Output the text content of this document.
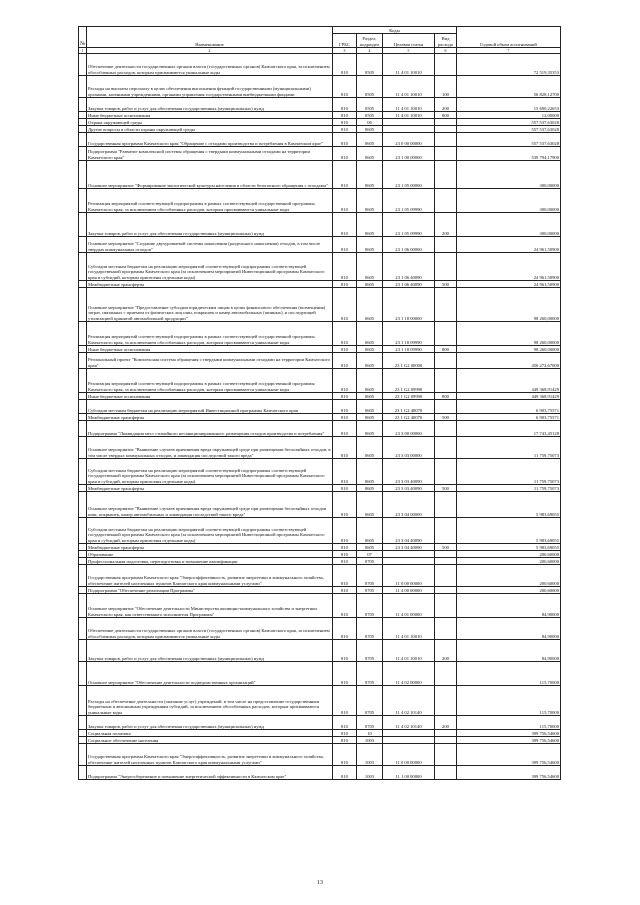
№	Наименование	Коды				Годовой объем ассигнований
		ГРБС	Раздел, подраздел	Целевая статья	Вид расхода	
1	2	3	4	5	6	7
	Обеспечение деятельности государственных органов власти (государственных органов) Камчатского края, за исключением обособленных расходов, которым присваиваются уникальные коды	810	0505	11 4 01 10010		72 519,35353
	Расходы на выплаты персоналу в целях обеспечения выполнения функций государственными (муниципальными) органами, казенными учреждениями, органами управления государственными внебюджетными фондами	810	0505	11 4 01 10010	100	56 828,12700
	Закупка товаров, работ и услуг для обеспечения государственных (муниципальных) нужд	810	0505	11 4 01 10010	200	15 690,22653
	Иные бюджетные ассигнования	810	0505	11 4 01 10010	800	12,00000
	Охрана окружающей среды	810	06			557 537,63028
	Другие вопросы в области охраны окружающей среды	810	0605			557 537,63028
	Государственная программа Камчатского края "Обращение с отходами производства и потребления в Камчатском крае"	810	0605	23 0 00 00000		557 537,63028
	Подпрограмма "Развитие комплексной системы обращения с твердыми коммунальными отходами на территории Камчатского края"	810	0605	23 1 00 00000		539 794,17900
	Основное мероприятие "Формирование экологической культуры населения в области безопасного обращения с отходами"	810	0605	23 1 05 00000		300,00000
	Реализация мероприятий соответствующей подпрограммы в рамках соответствующей государственной программы Камчатского края, за исключением обособленных расходов, которым присваиваются уникальные коды	810	0605	23 1 05 09990		300,00000
	Закупка товаров, работ и услуг для обеспечения государственных (муниципальных) нужд	810	0605	23 1 05 09990	200	300,00000
	Основное мероприятие "Создание двухуровневой системы накопления (раздельного накопления) отходов, в том числе твердых коммунальных отходов"	810	0605	23 1 06 00000		24 961,50900
	Субсидии местным бюджетам на реализацию мероприятий соответствующей подпрограммы соответствующей государственной программы Камчатского края (за исключением мероприятий Инвестиционной программы Камчатского края и субсидий, которым присвоены отдельные коды)	810	0605	23 1 06 40090		24 961,50900
	Межбюджетные трансферты	810	0605	23 1 06 40090	500	24 961,50900
	Основное мероприятие "Предоставление субсидии юридическим лицам в целях финансового обеспечения (возмещения) затрат, связанных с приемом от физических лиц шин, покрышек и камер автомобильных (шинных), и последующей утилизацией принятой автомобильной продукции"	810	0605	23 1 18 00000		98 260,00000
	Реализация мероприятий соответствующей подпрограммы в рамках соответствующей государственной программы Камчатского края, за исключением обособленных расходов, которым присваиваются уникальные коды	810	0605	23 1 18 09990		98 260,00000
	Иные бюджетные ассигнования	810	0605	23 1 18 09990	800	98 260,00000
	Региональный проект "Комплексная система обращения с твердыми коммунальными отходами на территории Камчатского края"	810	0605	23 1 G2 00000		456 272,67000
	Реализация мероприятий соответствующей подпрограммы в рамках соответствующей государственной программы Камчатского края, за исключением обособленных расходов, которым присваиваются уникальные коды	810	0605	23 1 G2 09990		449 368,91429
	Иные бюджетные ассигнования	810	0605	23 1 G2 09990	800	449 368,91429
	Субсидии местным бюджетам на реализацию мероприятий Инвестиционной программы Камчатского края	810	0605	23 1 G2 40070		6 903,75571
	Межбюджетные трансферты	810	0605	23 1 G2 40070	500	6 903,75571
	Подпрограмма "Ликвидация мест стихийного несанкционированного размещения отходов производства и потребления"	810	0605	23 3 00 00000		17 743,45128
	Основное мероприятие "Выявление случаев причинения вреда окружающей среде при размещении бесхозяйных отходов, в том числе твердых коммунальных отходов, и ликвидация последствий такого вреда"	810	0605	23 3 03 00000		11 759,75073
	Субсидии местным бюджетам на реализацию мероприятий соответствующей подпрограммы соответствующей государственной программы Камчатского края (за исключением мероприятий Инвестиционной программы Камчатского края и субсидий, которым присвоены отдельные коды)	810	0605	23 3 03 40090		11 759,75073
	Межбюджетные трансферты	810	0605	23 3 03 40090	500	11 759,75073
	Основное мероприятие "Выявление случаев причинения вреда окружающей среде при размещении бесхозяйных отходов шин, покрышек, камер автомобильных и ликвидация последствий такого вреда"	810	0605	23 3 04 00000		5 983,69055
	Субсидии местным бюджетам на реализацию мероприятий соответствующей подпрограммы соответствующей государственной программы Камчатского края (за исключением мероприятий Инвестиционной программы Камчатского края и субсидий, которым присвоены отдельные коды)	810	0605	23 3 04 40090		5 983,69055
	Межбюджетные трансферты	810	0605	23 3 04 40090	500	5 983,69055
	Образование	810	07			200,60000
	Профессиональная подготовка, переподготовка и повышение квалификации	810	0705			200,60000
	Государственная программа Камчатского края "Энергоэффективность, развитие энергетики и коммунального хозяйства, обеспечение жителей населенных пунктов Камчатского края коммунальными услугами"	810	0705	11 0 00 00000		200,60000
	Подпрограмма "Обеспечение реализации Программы"	810	0705	11 4 00 00000		200,60000
	Основное мероприятие "Обеспечение деятельности Министерства жилищно-коммунального хозяйства и энергетики Камчатского края, как ответственного исполнителя Программы"	810	0705	11 4 01 00000		84,90000
	Обеспечение деятельности государственных органов власти (государственных органов) Камчатского края, за исключением обособленных расходов, которым присваиваются уникальные коды	810	0705	11 4 01 10010		84,90000
	Закупка товаров, работ и услуг для обеспечения государственных (муниципальных) нужд	810	0705	11 4 01 10010	200	84,90000
	Основное мероприятие "Обеспечение деятельности подведомственных организаций"	810	0705	11 4 02 00000		115,70000
	Расходы на обеспечение деятельности (оказание услуг) учреждений, в том числе на предоставление государственным бюджетным и автономным учреждениям субсидий, за исключением обособленных расходов, которым присваиваются уникальные коды	810	0705	11 4 02 10140		115,70000
	Закупка товаров, работ и услуг для обеспечения государственных (муниципальных) нужд	810	0705	11 4 02 10140	200	115,70000
	Социальная политика	810	10			399 756,54600
	Социальное обеспечение населения	810	1003			399 756,54600
	Государственная программа Камчатского края "Энергоэффективность, развитие энергетики и коммунального хозяйства, обеспечение жителей населенных пунктов Камчатского края коммунальными услугами"	810	1003	11 0 00 00000		399 756,54600
	Подпрограмма "Энергосбережение и повышение энергетической эффективности в Камчатском крае"	810	1003	11 1 00 00000		399 756,54600
13
